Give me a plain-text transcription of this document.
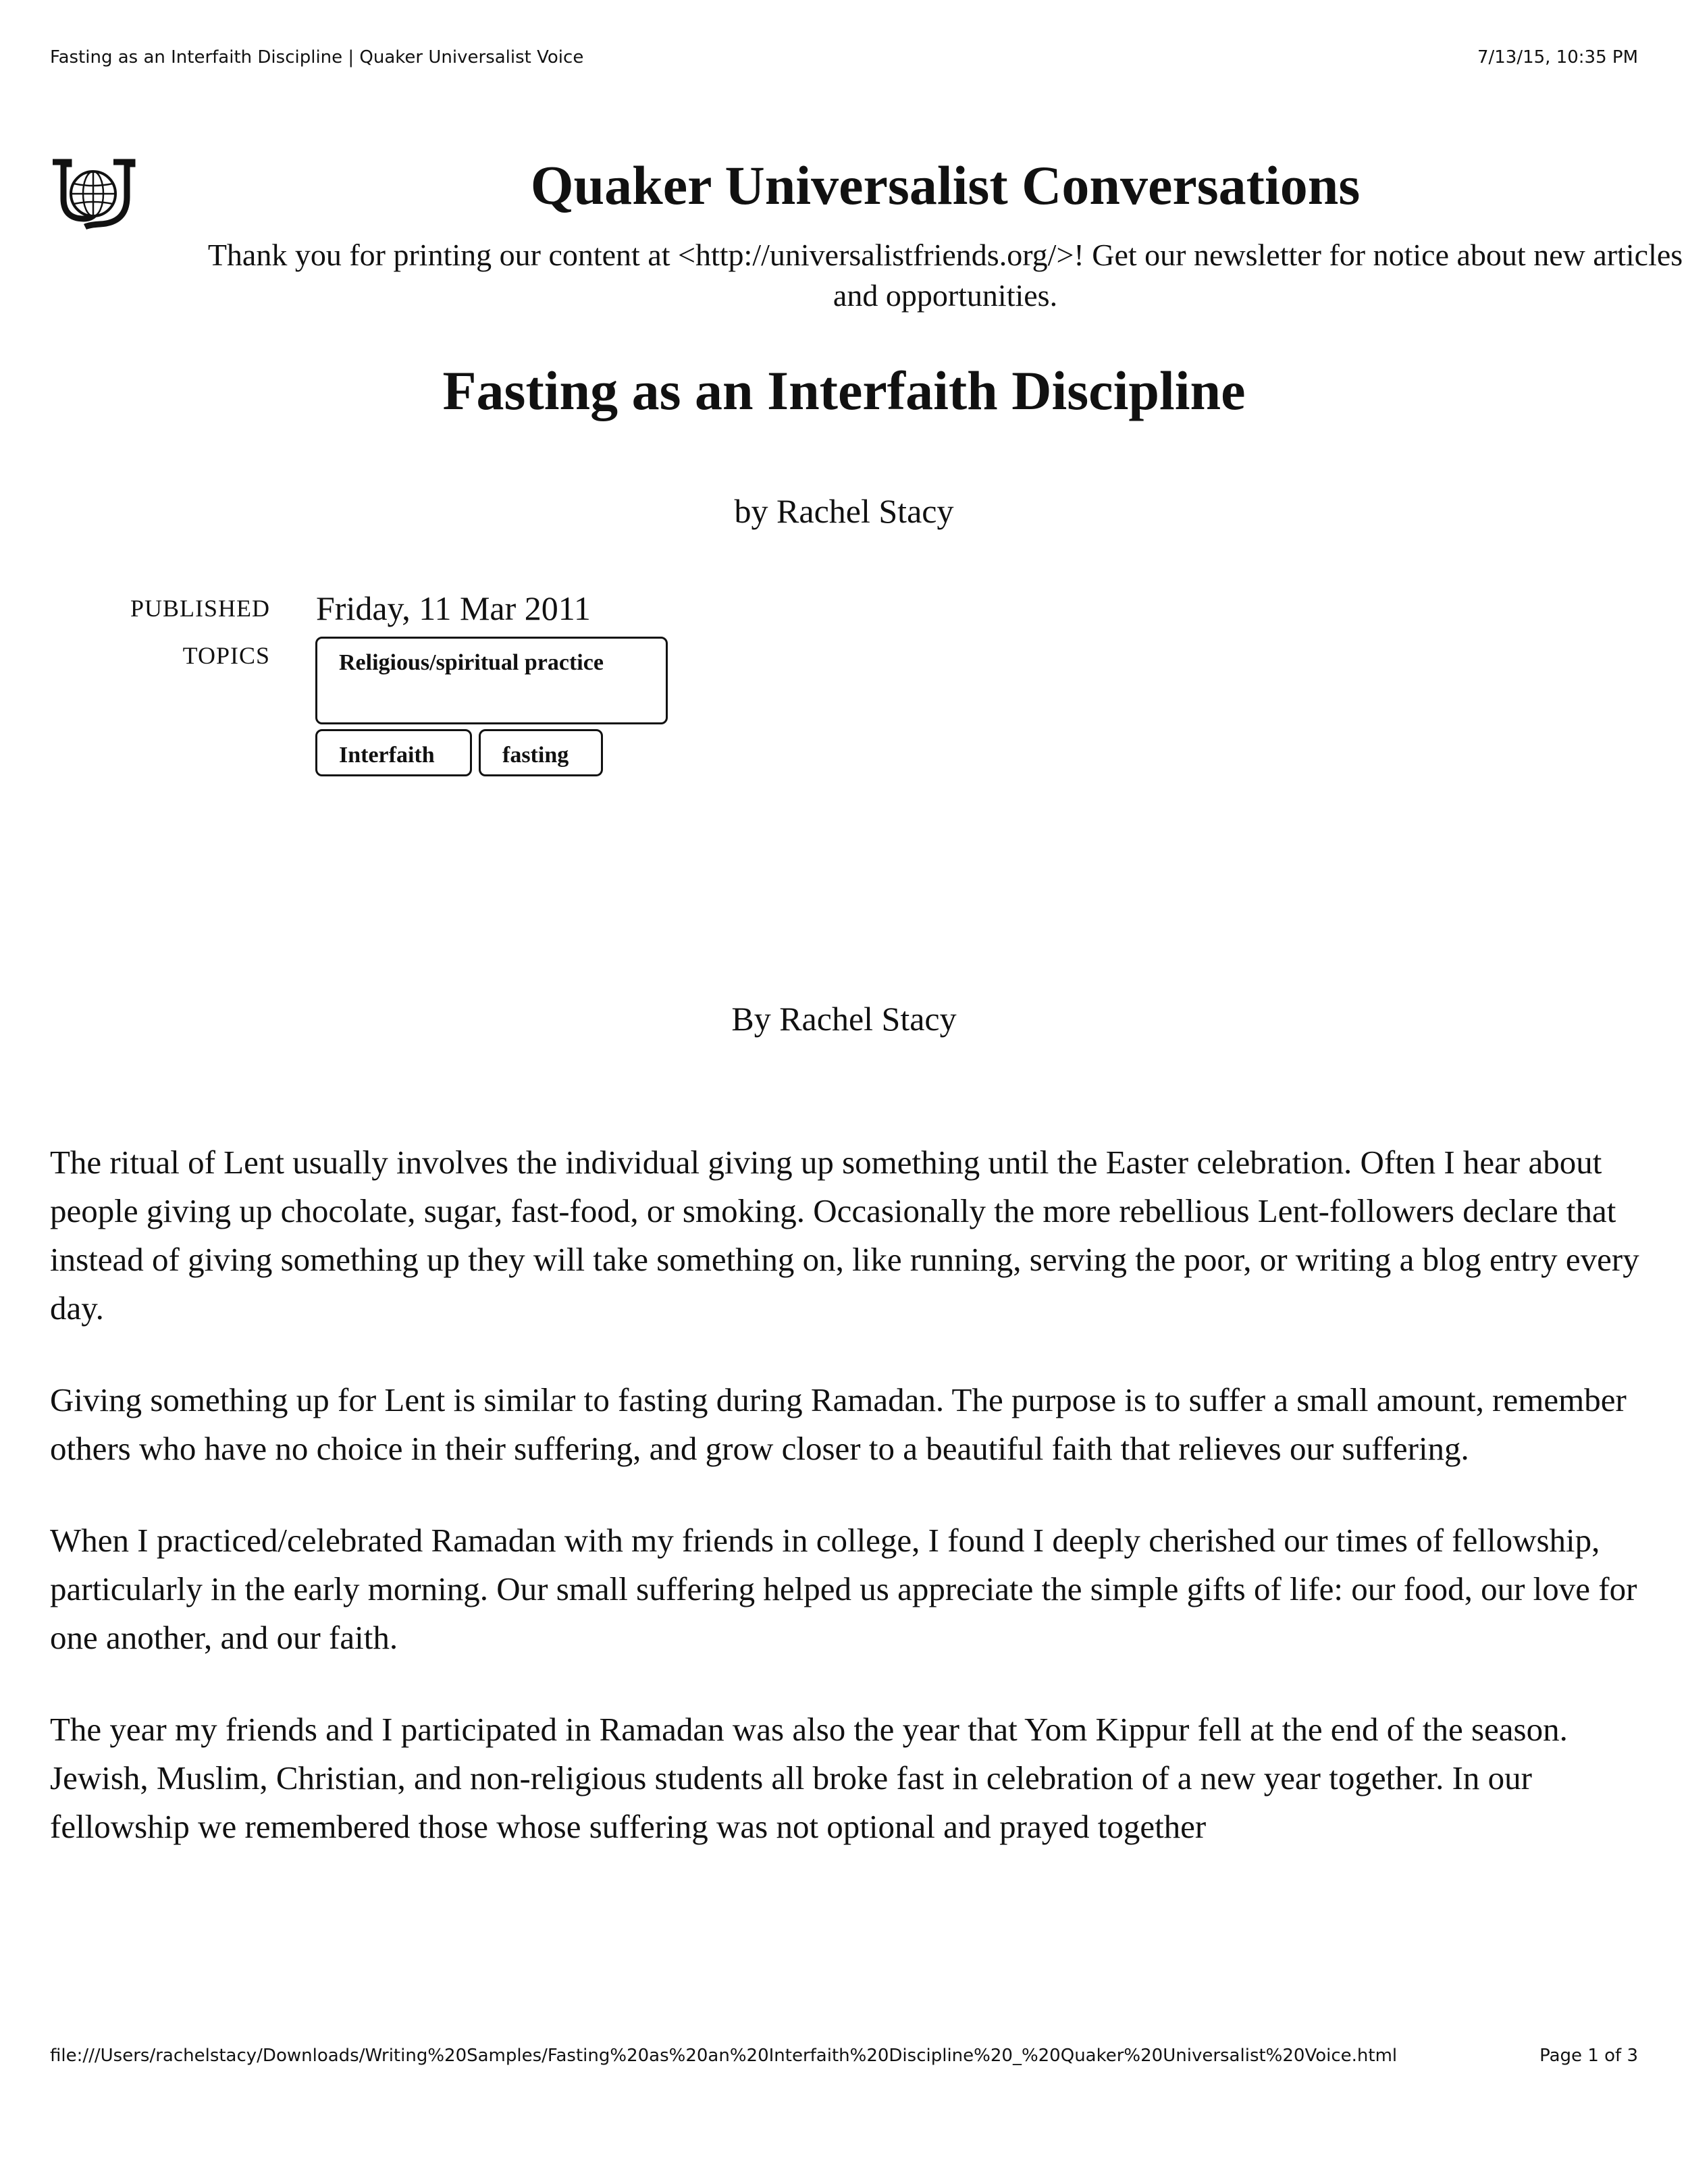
Fasting as an Interfaith Discipline | Quaker Universalist Voice	7/13/15, 10:35 PM
Quaker Universalist Conversations
Thank you for printing our content at <http://universalistfriends.org/>! Get our newsletter for notice about new articles and opportunities.
Fasting as an Interfaith Discipline
by Rachel Stacy
PUBLISHED Friday, 11 Mar 2011
TOPICS	Religious/spiritual practice
Interfaith	fasting
By Rachel Stacy

The ritual of Lent usually involves the individual giving up something until the Easter celebration. Often I hear about people giving up chocolate, sugar, fast-food, or smoking. Occasionally the more rebellious Lent-followers declare that instead of giving something up they will take something on, like running, serving the poor, or writing a blog entry every day.

Giving something up for Lent is similar to fasting during Ramadan. The purpose is to suffer a small amount, remember others who have no choice in their suffering, and grow closer to a beautiful faith that relieves our suffering.

When I practiced/celebrated Ramadan with my friends in college, I found I deeply cherished our times of fellowship, particularly in the early morning. Our small suffering helped us appreciate the simple gifts of life: our food, our love for one another, and our faith.

The year my friends and I participated in Ramadan was also the year that Yom Kippur fell at the end of the season. Jewish, Muslim, Christian, and non-religious students all broke fast in celebration of a new year together. In our fellowship we remembered those whose suffering was not optional and prayed together

file:///Users/rachelstacy/Downloads/Writing%20Samples/Fasting%20as%20an%20Interfaith%20Discipline%20_%20Quaker%20Universalist%20Voice.html	Page 1 of 3
